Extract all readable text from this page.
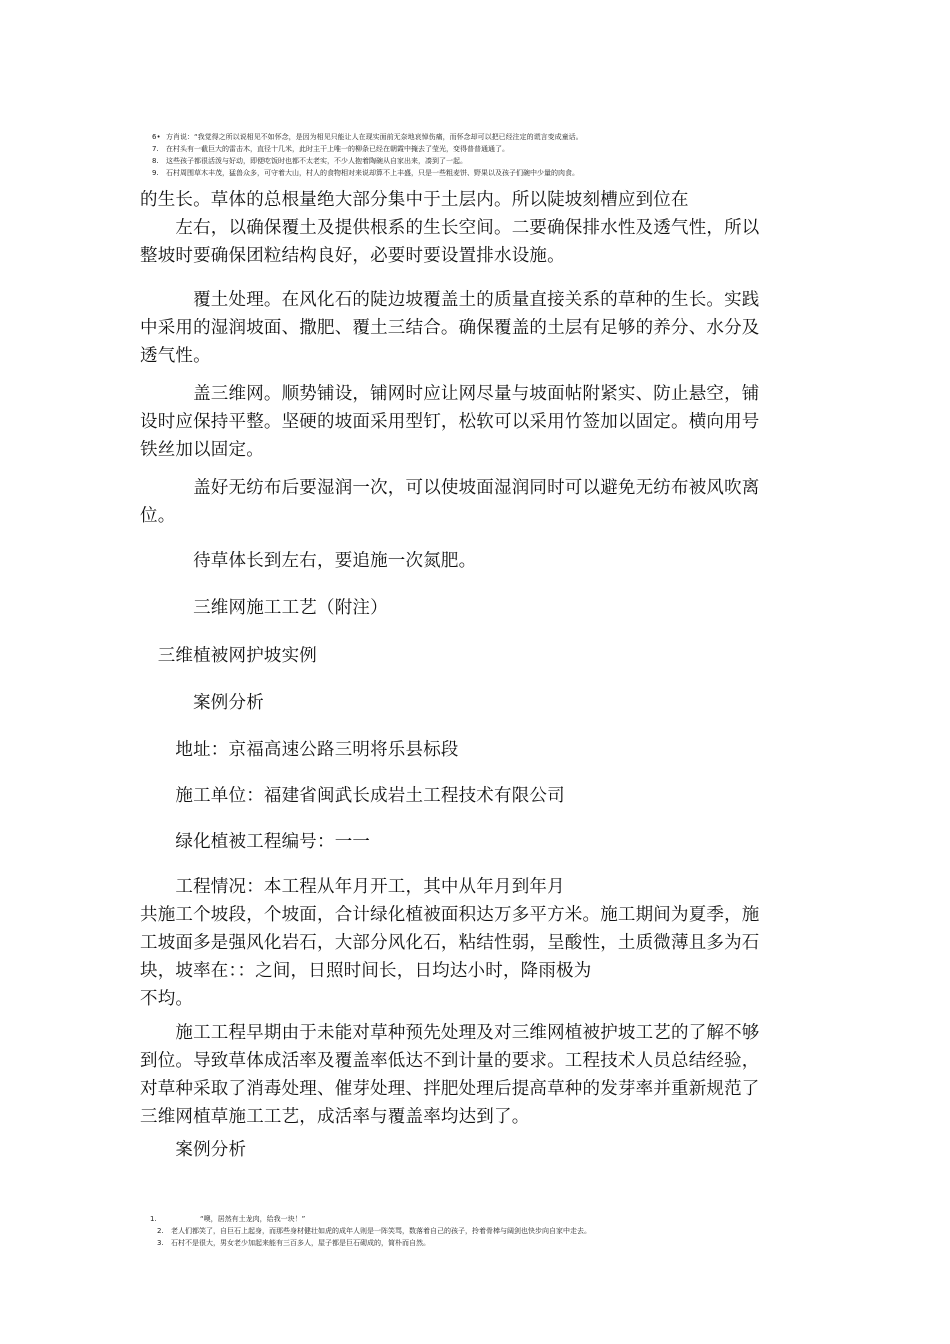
6• 方肖说：“我觉得之所以说相见不如怀念，是因为相见只能让人在现实面前无奈地哀悼伤痛，而怀念却可以把已经注定的谎言变成童话。
7. 在村头有一截巨大的雷击木，直径十几米，此时主干上唯一的柳条已经在朝霞中掩去了莹光，变得普普通通了。
8. 这些孩子都很活泼与好动，即便吃饭时也都不太老实，不少人抱着陶碗从自家出来，凑到了一起。
9. 石村周围草木丰茂，猛兽众多，可守着大山，村人的食物相对来说却算不上丰盛，只是一些粗麦饼、野果以及孩子们碗中少量的肉食。

的生长。草体的总根量绝大部分集中于土层内。所以陡坡刻槽应到位在
　　左右，以确保覆土及提供根系的生长空间。二要确保排水性及透气性，所以
整坡时要确保团粒结构良好，必要时要设置排水设施。

　　　覆土处理。在风化石的陡边坡覆盖土的质量直接关系的草种的生长。实践
中采用的湿润坡面、撒肥、覆土三结合。确保覆盖的土层有足够的养分、水分及
透气性。

　　　盖三维网。顺势铺设，铺网时应让网尽量与坡面帖附紧实、防止悬空，铺
设时应保持平整。坚硬的坡面采用型钉，松软可以采用竹签加以固定。横向用号
铁丝加以固定。

　　　盖好无纺布后要湿润一次，可以使坡面湿润同时可以避免无纺布被风吹离
位。

　　　待草体长到左右，要追施一次氮肥。

　　　三维网施工工艺（附注）

　三维植被网护坡实例

　　　案例分析

　　地址：京福高速公路三明将乐县标段

　　施工单位：福建省闽武长成岩土工程技术有限公司

　　绿化植被工程编号：一一

　　工程情况：本工程从年月开工，其中从年月到年月
共施工个坡段，个坡面，合计绿化植被面积达万多平方米。施工期间为夏季，施
工坡面多是强风化岩石，大部分风化石，粘结性弱，呈酸性，土质微薄且多为石
块，坡率在：：之间，日照时间长，日均达小时，降雨极为
不均。

　　施工工程早期由于未能对草种预先处理及对三维网植被护坡工艺的了解不够
到位。导致草体成活率及覆盖率低达不到计量的要求。工程技术人员总结经验，
对草种采取了消毒处理、催芽处理、拌肥处理后提高草种的发芽率并重新规范了
三维网植草施工工艺，成活率与覆盖率均达到了。

　　案例分析

1.	“噢，居然有土龙肉，给我一块！”
2. 老人们都笑了，自巨石上起身，而那些身材健壮如虎的成年人则是一阵笑骂，数落着自己的孩子，拎着骨棒与阔剑也快步向自家中走去。
3. 石村不是很大，男女老少加起来能有三百多人，屋子都是巨石砌成的，简朴而自然。
